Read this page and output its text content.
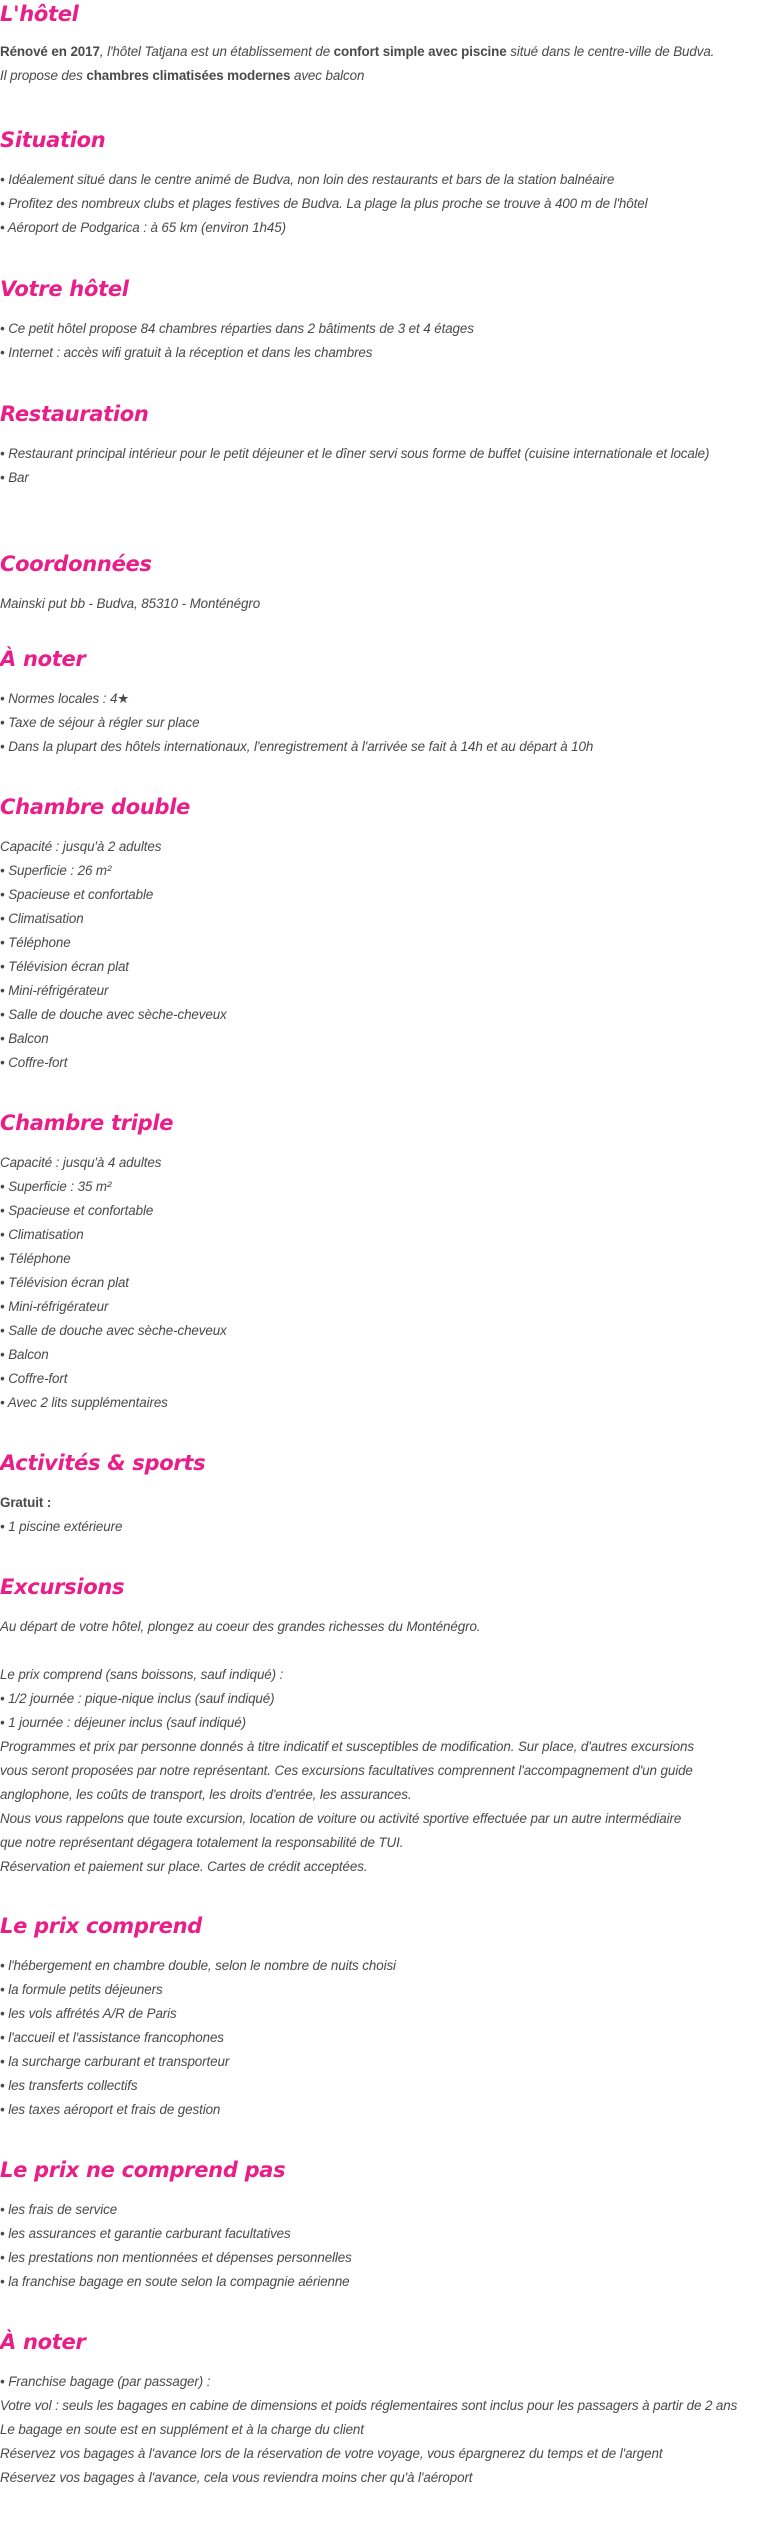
L'hôtel
Rénové en 2017, l'hôtel Tatjana est un établissement de confort simple avec piscine situé dans le centre-ville de Budva.
Il propose des chambres climatisées modernes avec balcon
Situation
• Idéalement situé dans le centre animé de Budva, non loin des restaurants et bars de la station balnéaire
• Profitez des nombreux clubs et plages festives de Budva. La plage la plus proche se trouve à 400 m de l'hôtel
• Aéroport de Podgarica : à 65 km (environ 1h45)
Votre hôtel
• Ce petit hôtel propose 84 chambres réparties dans 2 bâtiments de 3 et 4 étages
• Internet : accès wifi gratuit à la réception et dans les chambres
Restauration
• Restaurant principal intérieur pour le petit déjeuner et le dîner servi sous forme de buffet (cuisine internationale et locale)
• Bar
Coordonnées
Mainski put bb - Budva, 85310 - Monténégro
À noter
• Normes locales : 4★
• Taxe de séjour à régler sur place
• Dans la plupart des hôtels internationaux, l'enregistrement à l'arrivée se fait à 14h et au départ à 10h
Chambre double
Capacité : jusqu'à 2 adultes
• Superficie : 26 m²
• Spacieuse et confortable
• Climatisation
• Téléphone
• Télévision écran plat
• Mini-réfrigérateur
• Salle de douche avec sèche-cheveux
• Balcon
• Coffre-fort
Chambre triple
Capacité : jusqu'à 4 adultes
• Superficie : 35 m²
• Spacieuse et confortable
• Climatisation
• Téléphone
• Télévision écran plat
• Mini-réfrigérateur
• Salle de douche avec sèche-cheveux
• Balcon
• Coffre-fort
• Avec 2 lits supplémentaires
Activités & sports
Gratuit :
• 1 piscine extérieure
Excursions
Au départ de votre hôtel, plongez au coeur des grandes richesses du Monténégro.
Le prix comprend (sans boissons, sauf indiqué) :
• 1/2 journée : pique-nique inclus (sauf indiqué)
• 1 journée : déjeuner inclus (sauf indiqué)
Programmes et prix par personne donnés à titre indicatif et susceptibles de modification. Sur place, d'autres excursions
vous seront proposées par notre représentant. Ces excursions facultatives comprennent l'accompagnement d'un guide
anglophone, les coûts de transport, les droits d'entrée, les assurances.
Nous vous rappelons que toute excursion, location de voiture ou activité sportive effectuée par un autre intermédiaire
que notre représentant dégagera totalement la responsabilité de TUI.
Réservation et paiement sur place. Cartes de crédit acceptées.
Le prix comprend
• l'hébergement en chambre double, selon le nombre de nuits choisi
• la formule petits déjeuners
• les vols affrétés A/R de Paris
• l'accueil et l'assistance francophones
• la surcharge carburant et transporteur
• les transferts collectifs
• les taxes aéroport et frais de gestion
Le prix ne comprend pas
• les frais de service
• les assurances et garantie carburant facultatives
• les prestations non mentionnées et dépenses personnelles
• la franchise bagage en soute selon la compagnie aérienne
À noter
• Franchise bagage (par passager) :
Votre vol : seuls les bagages en cabine de dimensions et poids réglementaires sont inclus pour les passagers à partir de 2 ans
Le bagage en soute est en supplément et à la charge du client
Réservez vos bagages à l'avance lors de la réservation de votre voyage, vous épargnerez du temps et de l'argent
Réservez vos bagages à l'avance, cela vous reviendra moins cher qu'à l'aéroport
